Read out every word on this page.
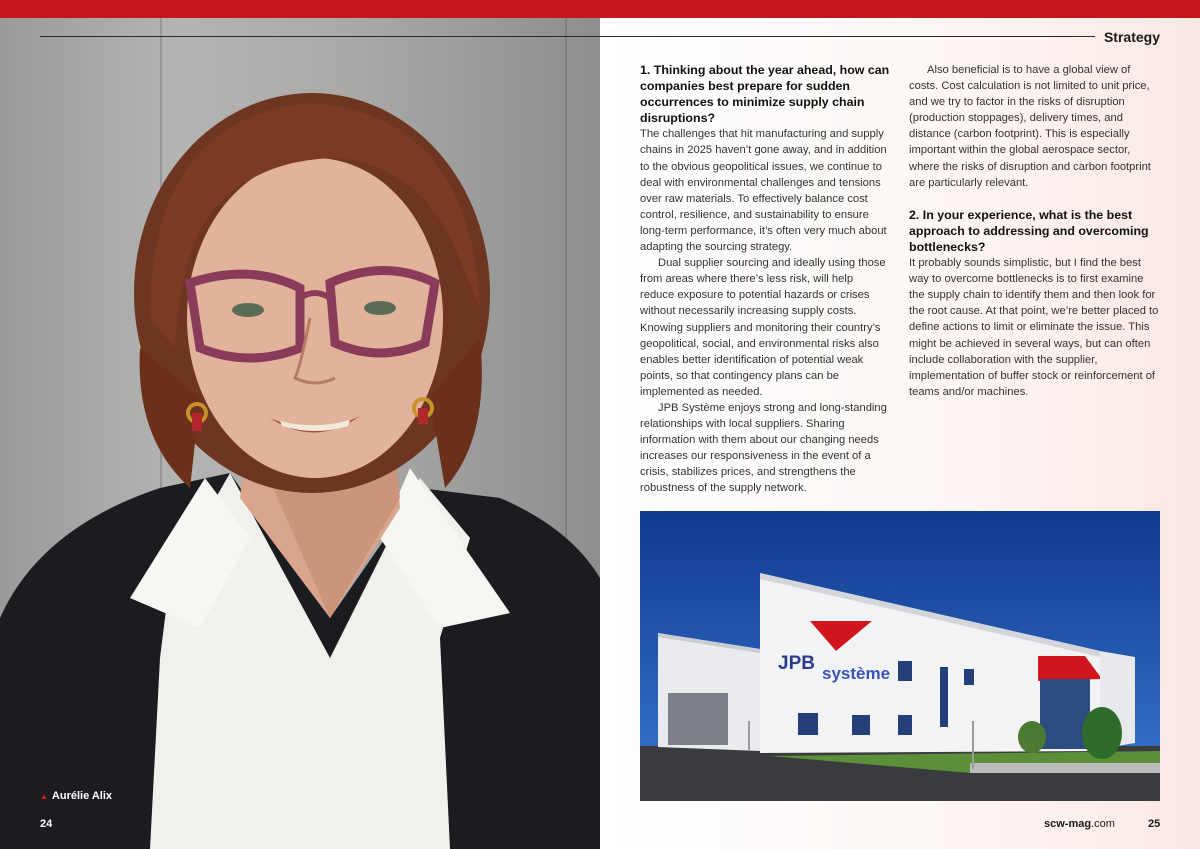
▲ Aurélie Alix
24
Strategy

1. Thinking about the year ahead, how can companies best prepare for sudden occurrences to minimize supply chain disruptions?

The challenges that hit manufacturing and supply chains in 2025 haven’t gone away, and in addition to the obvious geopolitical issues, we continue to deal with environmental challenges and tensions over raw materials. To effectively balance cost control, resilience, and sustainability to ensure long-term performance, it’s often very much about adapting the sourcing strategy.

Dual supplier sourcing and ideally using those from areas where there’s less risk, will help reduce exposure to potential hazards or crises without necessarily increasing supply costs. Knowing suppliers and monitoring their country’s geopolitical, social, and environmental risks also enables better identification of potential weak points, so that contingency plans can be implemented as needed.

JPB Système enjoys strong and long-standing relationships with local suppliers. Sharing information with them about our changing needs increases our responsiveness in the event of a crisis, stabilizes prices, and strengthens the robustness of the supply network.

Also beneficial is to have a global view of costs. Cost calculation is not limited to unit price, and we try to factor in the risks of disruption (production stoppages), delivery times, and distance (carbon footprint). This is especially important within the global aerospace sector, where the risks of disruption and carbon footprint are particularly relevant.

2. In your experience, what is the best approach to addressing and overcoming bottlenecks?

It probably sounds simplistic, but I find the best way to overcome bottlenecks is to first examine the supply chain to identify them and then look for the root cause. At that point, we’re better placed to define actions to limit or eliminate the issue. This might be achieved in several ways, but can often include collaboration with the supplier, implementation of buffer stock or reinforcement of teams and/or machines.

JPB système
scw-mag.com	25
